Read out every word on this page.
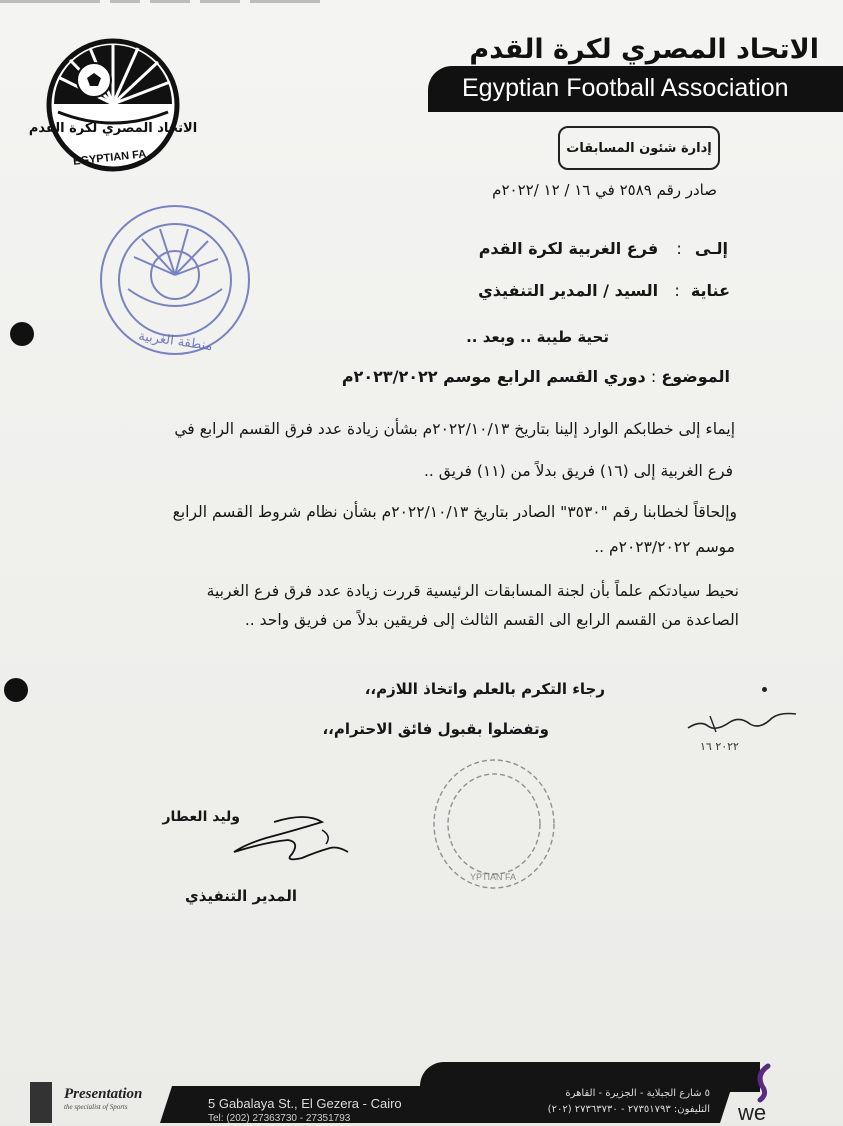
الاتحاد المصري لكرة القدم
EGYPTIAN FA
الاتحاد المصري لكرة القدم
Egyptian Football Association
إدارة شئون المسابقات
صادر رقم ٢٥٨٩ في ١٦ / ١٢ /٢٠٢٢م
منطقة الغربية
إلـى :  فرع الغربية لكرة القدم
عناية :  السيد / المدير التنفيذي
تحية طيبة .. وبعد ..
الموضوع : دوري القسم الرابع موسم ٢٠٢٣/٢٠٢٢م
إيماء إلى خطابكم الوارد إلينا بتاريخ ٢٠٢٢/١٠/١٣م بشأن زيادة عدد فرق القسم الرابع في
فرع الغربية إلى (١٦) فريق بدلاً من (١١) فريق ..
وإلحاقاً لخطابنا رقم "٣٥٣٠" الصادر بتاريخ ٢٠٢٢/١٠/١٣م بشأن نظام شروط القسم الرابع
موسم ٢٠٢٣/٢٠٢٢م ..
نحيط سيادتكم علماً بأن لجنة المسابقات الرئيسية قررت زيادة عدد فرق فرع الغربية
الصاعدة من القسم الرابع الى القسم الثالث إلى فريقين بدلاً من فريق واحد ..
رجاء التكرم بالعلم واتخاذ اللازم،،
وتفضلوا بقبول فائق الاحترام،،
٢٠٢٢ ١٦
وليد العطار
المدير التنفيذي
YPTIAN FA
Presentation
the specialist of Sports	5 Gabalaya St., El Gezera - Cairo
٥ شارع الجبلاية - الجزيرة - القاهرة
التليفون: ٢٧٣٥١٧٩٣ - ٢٧٣٦٣٧٣٠ (٢٠٢)
Tel: (202) 27363730 - 27351793	we
